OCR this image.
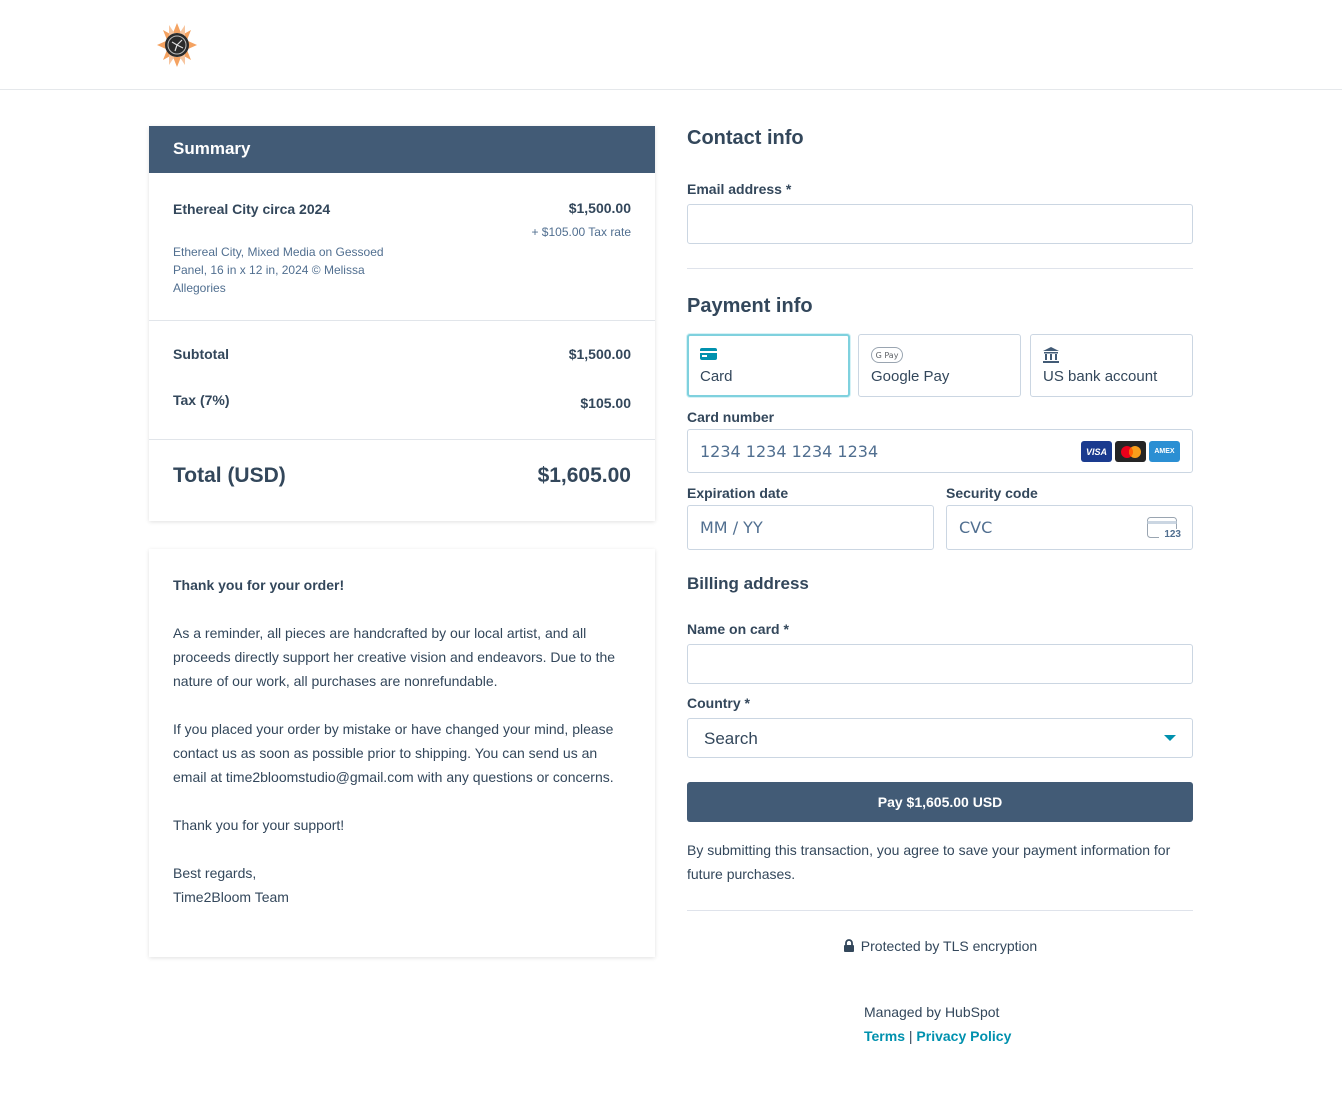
Summary
Ethereal City circa 2024	$1,500.00
+ $105.00 Tax rate
Ethereal City, Mixed Media on Gessoed Panel, 16 in x 12 in, 2024 © Melissa Allegories
Subtotal	$1,500.00
Tax (7%)	$105.00
Total (USD)	$1,605.00

Thank you for your order!

As a reminder, all pieces are handcrafted by our local artist, and all proceeds directly support her creative vision and endeavors. Due to the nature of our work, all purchases are nonrefundable.

If you placed your order by mistake or have changed your mind, please contact us as soon as possible prior to shipping. You can send us an email at time2bloomstudio@gmail.com with any questions or concerns.

Thank you for your support!

Best regards,
Time2Bloom Team
Contact info
Email address *
Payment info
Card
G Pay
Google Pay	US bank account
Card number
1234 1234 1234 1234	VISA	AMEX
Expiration date
MM / YY
Security code
CVC	123
Billing address
Name on card *
Country *
Search
Pay $1,605.00 USD
By submitting this transaction, you agree to save your payment information for future purchases.
Protected by TLS encryption
Managed by HubSpot
Terms | Privacy Policy
